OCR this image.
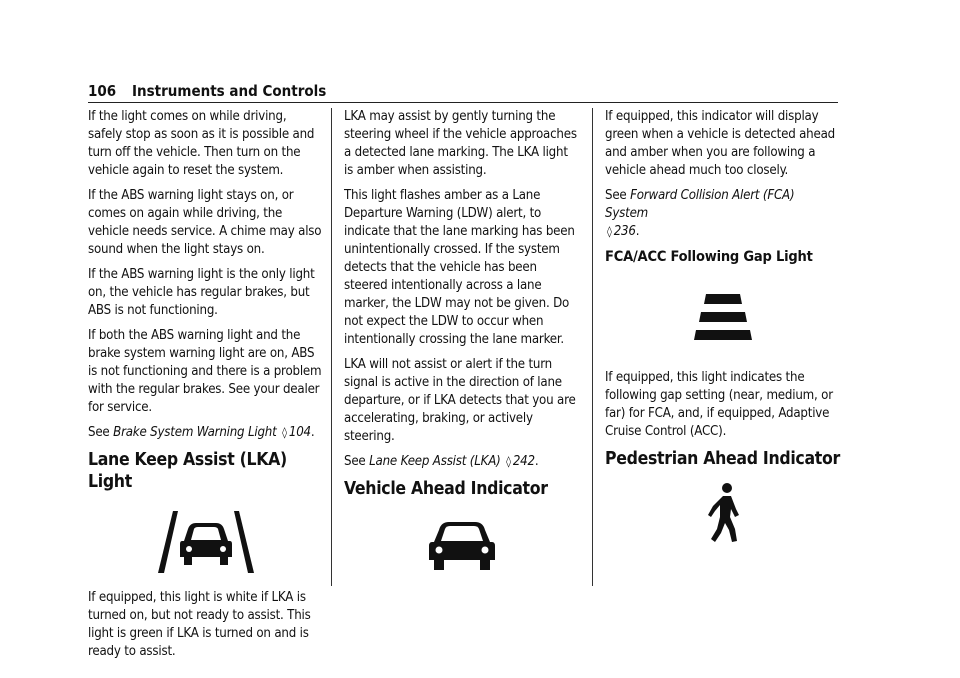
106 Instruments and Controls

If the light comes on while driving, safely stop as soon as it is possible and turn off the vehicle. Then turn on the vehicle again to reset the system.

If the ABS warning light stays on, or comes on again while driving, the vehicle needs service. A chime may also sound when the light stays on.

If the ABS warning light is the only light on, the vehicle has regular brakes, but ABS is not functioning.

If both the ABS warning light and the brake system warning light are on, ABS is not functioning and there is a problem with the regular brakes. See your dealer for service.

See Brake System Warning Light ◊ 104.

Lane Keep Assist (LKA) Light

If equipped, this light is white if LKA is turned on, but not ready to assist. This light is green if LKA is turned on and is ready to assist.

LKA may assist by gently turning the steering wheel if the vehicle approaches a detected lane marking. The LKA light is amber when assisting.

This light flashes amber as a Lane Departure Warning (LDW) alert, to indicate that the lane marking has been unintentionally crossed. If the system detects that the vehicle has been steered intentionally across a lane marker, the LDW may not be given. Do not expect the LDW to occur when intentionally crossing the lane marker.

LKA will not assist or alert if the turn signal is active in the direction of lane departure, or if LKA detects that you are accelerating, braking, or actively steering.

See Lane Keep Assist (LKA) ◊ 242.

Vehicle Ahead Indicator

If equipped, this indicator will display green when a vehicle is detected ahead and amber when you are following a vehicle ahead much too closely.

See Forward Collision Alert (FCA) System
◊ 236.

FCA/ACC Following Gap Light

If equipped, this light indicates the following gap setting (near, medium, or far) for FCA, and, if equipped, Adaptive Cruise Control (ACC).

Pedestrian Ahead Indicator
